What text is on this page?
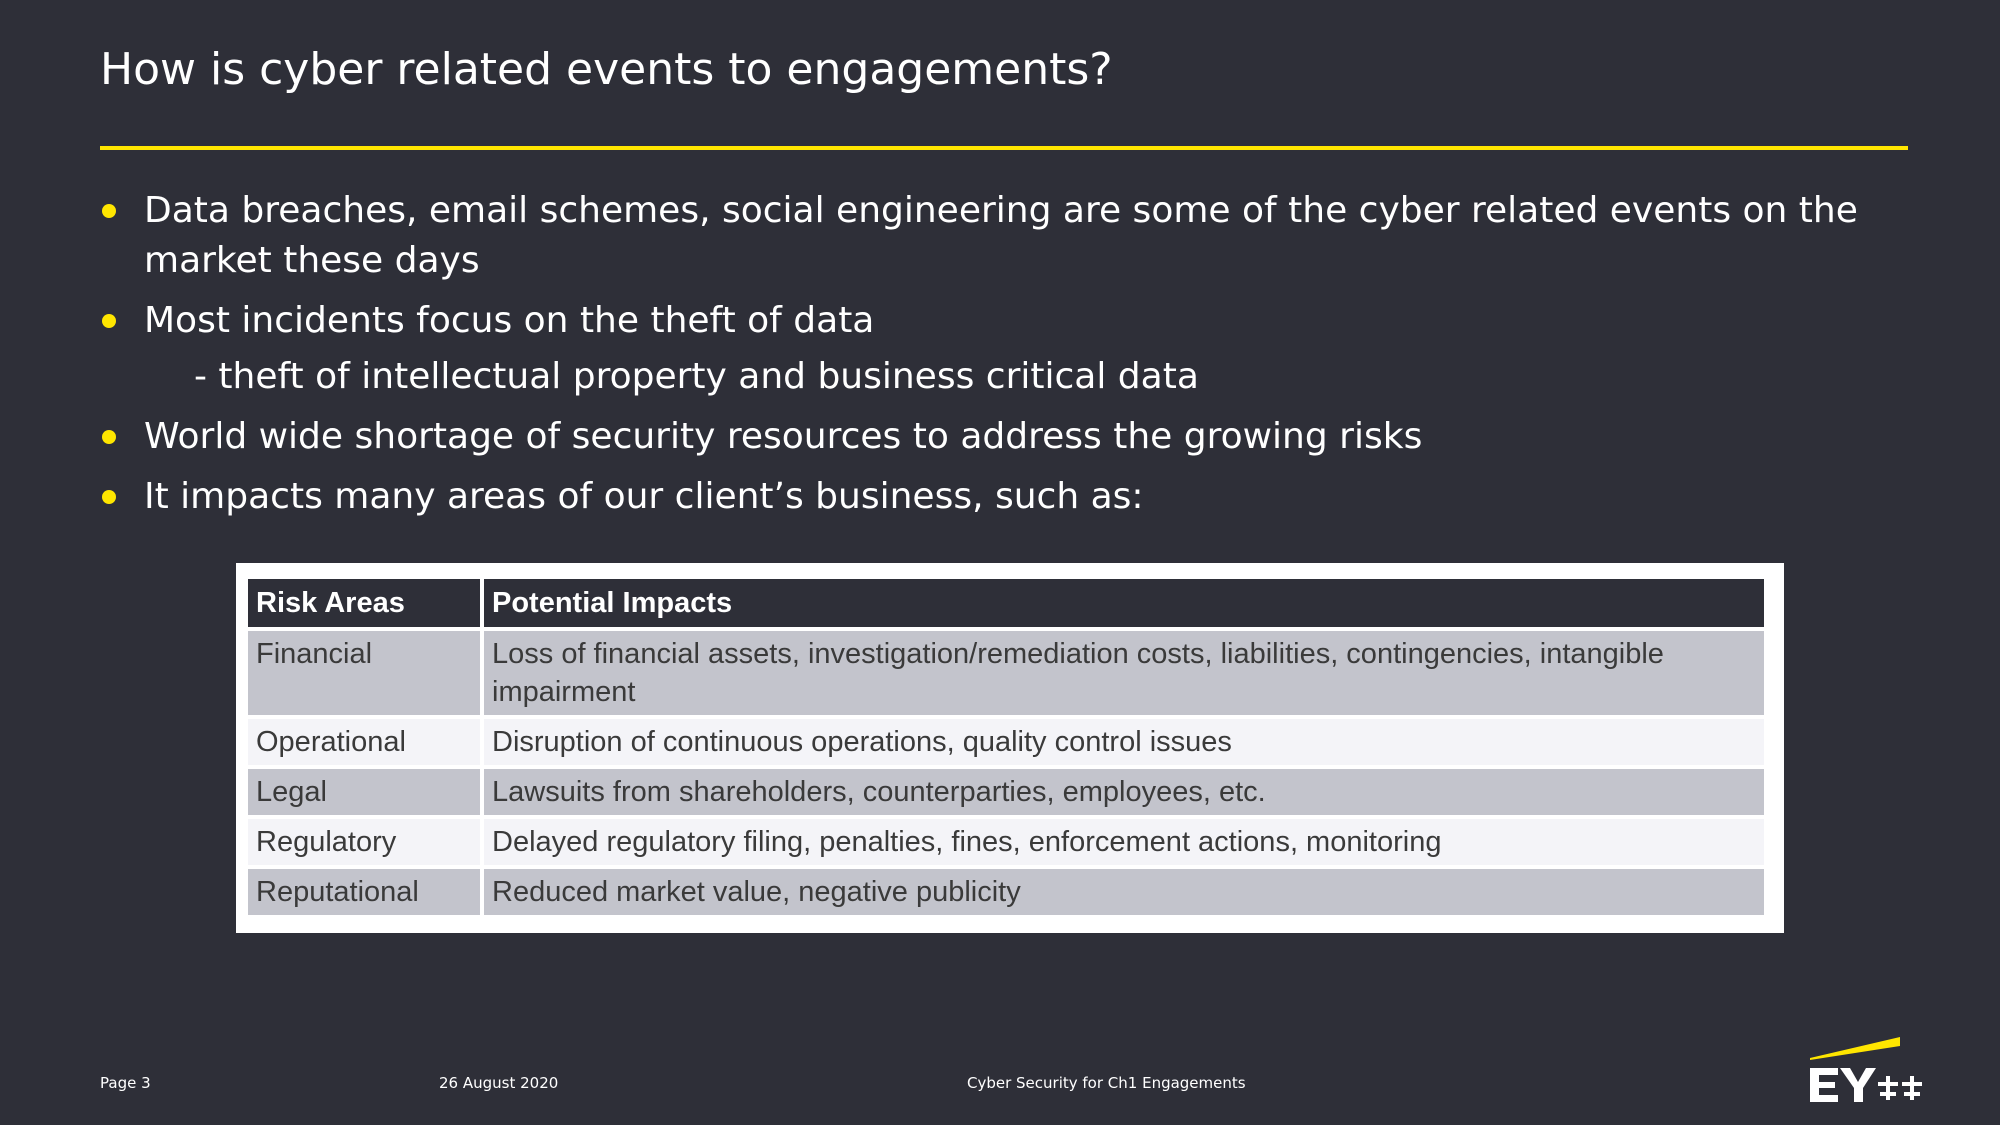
How is cyber related events to engagements?
Data breaches, email schemes, social engineering are some of the cyber related events on the market these days
Most incidents focus on the theft of data
- theft of intellectual property and business critical data
World wide shortage of security resources to address the growing risks
It impacts many areas of our client’s business, such as:
Risk Areas	Potential Impacts
Financial	Loss of financial assets, investigation/remediation costs, liabilities, contingencies, intangible impairment
Operational	Disruption of continuous operations, quality control issues
Legal	Lawsuits from shareholders, counterparties, employees, etc.
Regulatory	Delayed regulatory filing, penalties, fines, enforcement actions, monitoring
Reputational	Reduced market value, negative publicity
Page 3	26 August 2020	Cyber Security for Ch1 Engagements
